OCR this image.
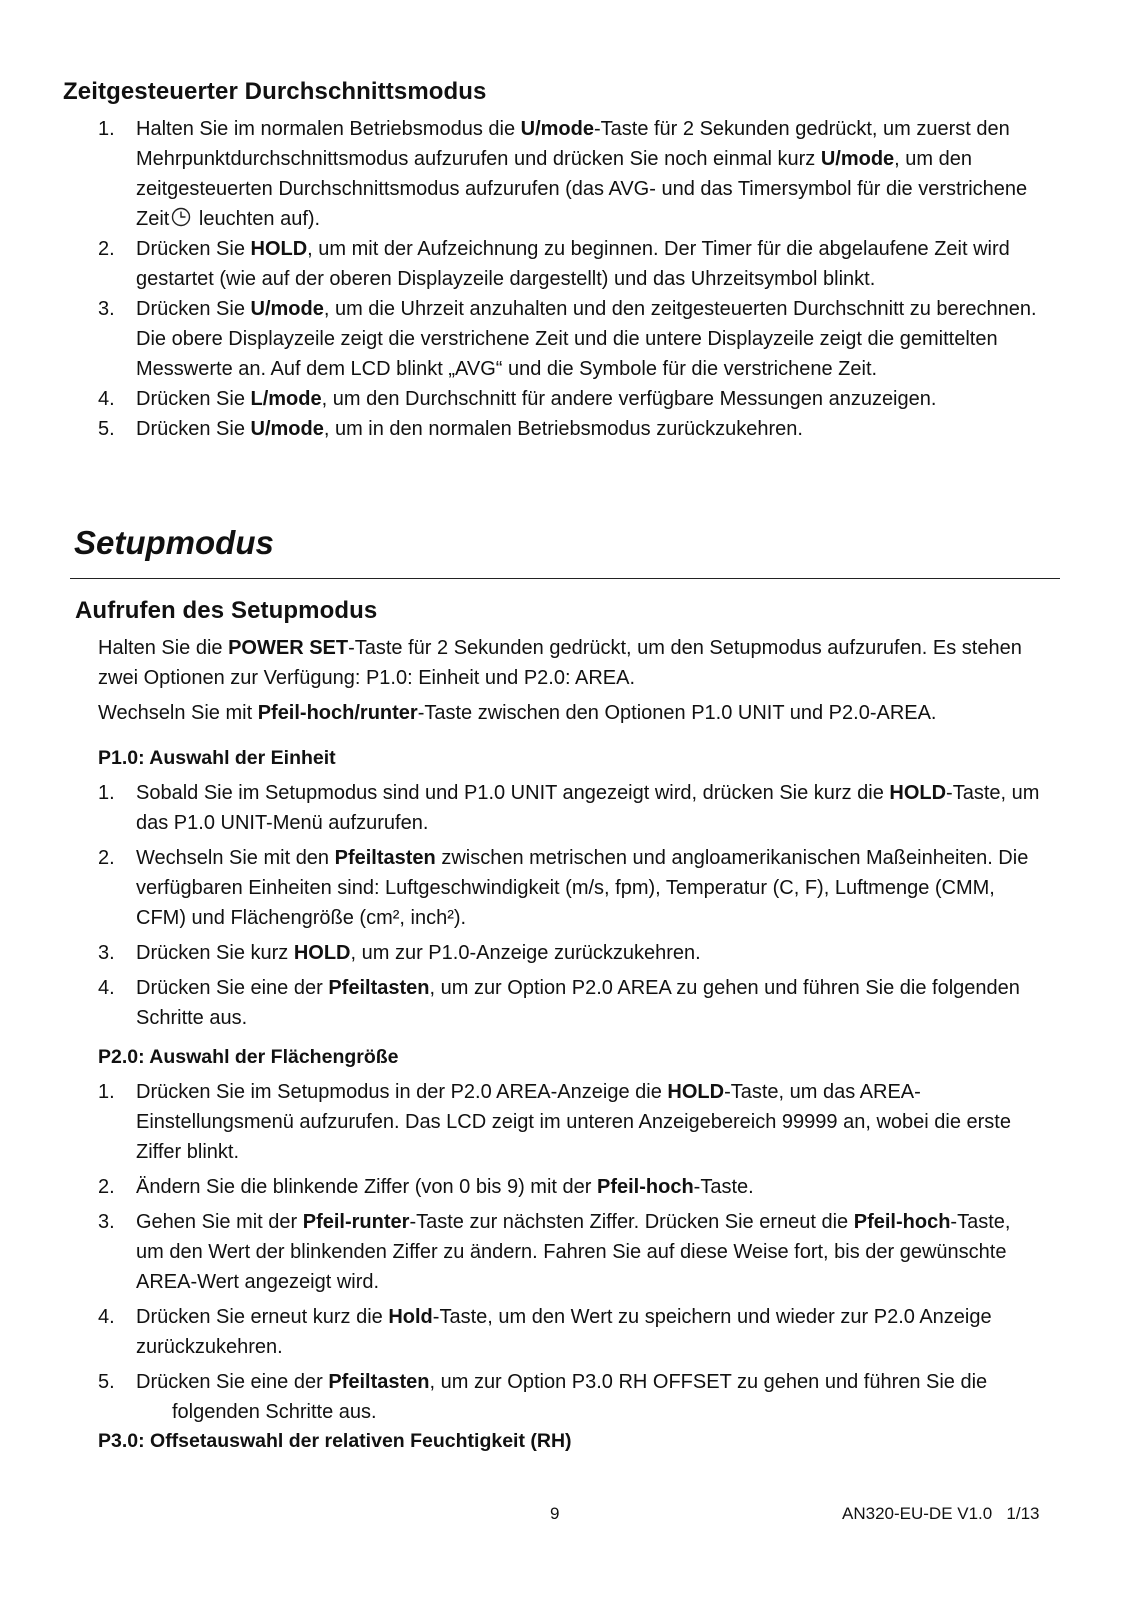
Zeitgesteuerter Durchschnittsmodus
1. Halten Sie im normalen Betriebsmodus die U/mode-Taste für 2 Sekunden gedrückt, um zuerst den Mehrpunktdurchschnittsmodus aufzurufen und drücken Sie noch einmal kurz U/mode, um den zeitgesteuerten Durchschnittsmodus aufzurufen (das AVG- und das Timersymbol für die verstrichene Zeit leuchten auf).
2. Drücken Sie HOLD, um mit der Aufzeichnung zu beginnen. Der Timer für die abgelaufene Zeit wird gestartet (wie auf der oberen Displayzeile dargestellt) und das Uhrzeitsymbol blinkt.
3. Drücken Sie U/mode, um die Uhrzeit anzuhalten und den zeitgesteuerten Durchschnitt zu berechnen. Die obere Displayzeile zeigt die verstrichene Zeit und die untere Displayzeile zeigt die gemittelten Messwerte an. Auf dem LCD blinkt „AVG“ und die Symbole für die verstrichene Zeit.
4. Drücken Sie L/mode, um den Durchschnitt für andere verfügbare Messungen anzuzeigen.
5. Drücken Sie U/mode, um in den normalen Betriebsmodus zurückzukehren.
Setupmodus
Aufrufen des Setupmodus

Halten Sie die POWER SET-Taste für 2 Sekunden gedrückt, um den Setupmodus aufzurufen. Es stehen zwei Optionen zur Verfügung: P1.0: Einheit und P2.0: AREA.

Wechseln Sie mit Pfeil-hoch/runter-Taste zwischen den Optionen P1.0 UNIT und P2.0-AREA.

P1.0: Auswahl der Einheit
1. Sobald Sie im Setupmodus sind und P1.0 UNIT angezeigt wird, drücken Sie kurz die HOLD-Taste, um das P1.0 UNIT-Menü aufzurufen.
2. Wechseln Sie mit den Pfeiltasten zwischen metrischen und angloamerikanischen Maßeinheiten. Die verfügbaren Einheiten sind: Luftgeschwindigkeit (m/s, fpm), Temperatur (C, F), Luftmenge (CMM, CFM) und Flächengröße (cm², inch²).
3. Drücken Sie kurz HOLD, um zur P1.0-Anzeige zurückzukehren.
4. Drücken Sie eine der Pfeiltasten, um zur Option P2.0 AREA zu gehen und führen Sie die folgenden Schritte aus.
P2.0: Auswahl der Flächengröße
1. Drücken Sie im Setupmodus in der P2.0 AREA-Anzeige die HOLD-Taste, um das AREA-Einstellungsmenü aufzurufen. Das LCD zeigt im unteren Anzeigebereich 99999 an, wobei die erste Ziffer blinkt.
2. Ändern Sie die blinkende Ziffer (von 0 bis 9) mit der Pfeil-hoch-Taste.
3. Gehen Sie mit der Pfeil-runter-Taste zur nächsten Ziffer. Drücken Sie erneut die Pfeil-hoch-Taste, um den Wert der blinkenden Ziffer zu ändern. Fahren Sie auf diese Weise fort, bis der gewünschte AREA-Wert angezeigt wird.
4. Drücken Sie erneut kurz die Hold-Taste, um den Wert zu speichern und wieder zur P2.0 Anzeige zurückzukehren.
5. Drücken Sie eine der Pfeiltasten, um zur Option P3.0 RH OFFSET zu gehen und führen Sie die
folgenden Schritte aus.
P3.0: Offsetauswahl der relativen Feuchtigkeit (RH)
9	AN320-EU-DE V1.0   1/13
